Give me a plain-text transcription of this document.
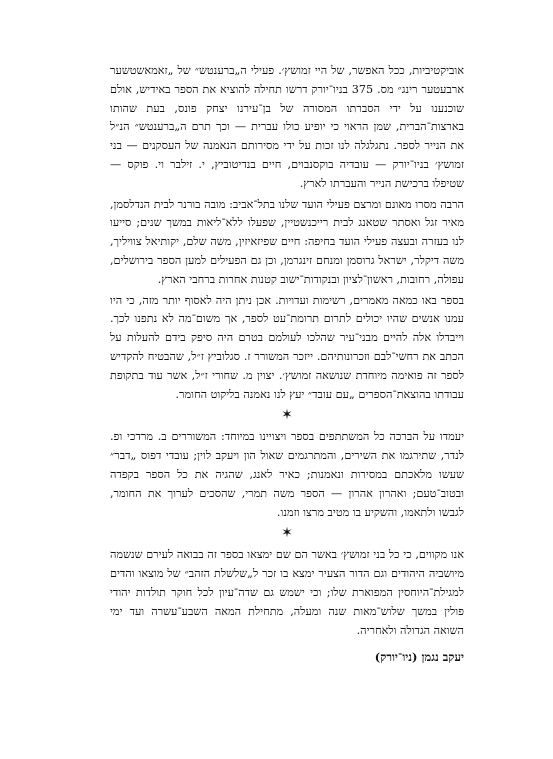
אוביקטיביות, ככל האפשר, של היי זמושץ׳. פעילי ה„ברענטש״ של „זאמאשטשער ארבעטער רינג״ מס. 375 בניו־יורק דרשו תחילה להוציא את הספר באידיש, אולם שוכנענו על ידי הסברתו המסורה של בן־עירנו יצחק פונס, בעת שהותו בארצות־הברית, שמן הראוי כי יופיע כולו עברית — וכך תרם ה„ברענטש״ הנ״ל את הנייר לספר. נתגלגלה לנו זכות על ידי מסירותם הנאמנה של העסקנים — בני זמושץ׳ בניו־יורק — עובדיה בוקסנבוים, חיים בנדיטוביץ, י. זילבר וי. פוקס — שטיפלו ברכישת הנייר והעברתו לארץ.

הרבה מסרו מאונם ומרצם פעילי הועד שלנו בתל־אביב: מובה בורנר לבית הנדלסמן, מאיר זגל ואסתר שטאנג לבית רייכנשטיין, שפעלו ללא־ליאות במשך שנים; סייעו לנו בעזרה ובעצה פעילי הועד בחיפה: חיים שפיזאיזין, משה שלם, יקותיאל צוויליך, משה דיקלר, ישראל גרוסמן ומנחם זינגרמן, וכן גם הפעילים למען הספר בירושלים, עפולה, רחובות, ראשון־לציון ובנקודות־ישוב קטנות אחרות ברחבי הארץ.

בספר באו כמאה מאמרים, רשימות ועדויות. אכן ניתן היה לאסוף יותר מזה, כי היו עמנו אנשים שהיו יכולים לתרום תרומת־עט לספר, אך משום־מה לא נתפנו לכך. וייבדלו אלה להיים מבני־עיר שהלכו לעולמם בטרם היה סיפק בידם להעלות על הכתב את רחשי־לבם וזכרונותיהם. ייזכר המשורר ז. סגלוביץ ז״ל, שהבטיח להקדיש לספר זה פואימה מיוחדת שנושאה זמושץ׳. יצוין מ. שחורי ז״ל, אשר עוד בתקופת עבודתו בהוצאת־הספרים „עם עובד״ יעץ לנו נאמנה בליקוט החומר.

✶

יעמדו על הברכה כל המשתתפים בספר ויצויינו במיוחד: המשוררים ב. מרדכי ופ. לנדר, שתירגמו את השירים, והמתרגמים שאול הון ויעקב לוין; עובדי דפוס „דבר״ שעשו מלאכתם במסירות ונאמנות; כאיר לאנג, שהגיה את כל הספר בקפדה ובטוב־טעם; ואהרון אהרון — הספר משה תמרי, שהסכים לערוך את החומר, לגבשו ולתאמו, והשקיע בו מטיב מרצו וזמנו.

✶

אנו מקווים, כי כל בני זמושץ׳ באשר הם שם ימצאו בספר זה בבואה לעירם שנשמה מיושביה היהודים וגם הדור הצעיר ימצא בו זכר ל„שלשלת הזהב״ של מוצאו והדים למגילת־היוחסין המפוארת שלו; וכי ישמש גם שדה־עיון לכל חוקר תולדות יהודי פולין במשך שלוש־מאות שנה ומעלה, מתחילת המאה השבע־עשרה ועד ימי השואה הגדולה ולאחריה.

יעקב נגמן (ניו־יורק)
